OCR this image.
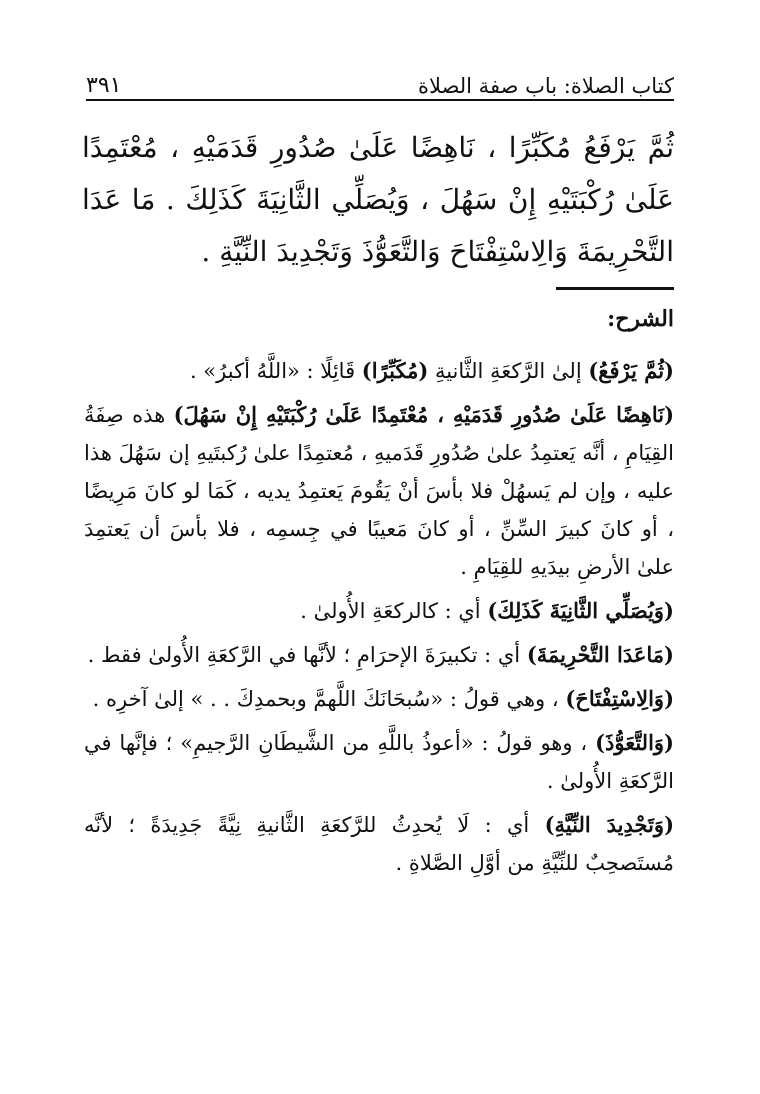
٣٩١	كتاب الصلاة: باب صفة الصلاة
ثُمَّ يَرْفَعُ مُكَبِّرًا ، نَاهِضًا عَلَىٰ صُدُورِ قَدَمَيْهِ ، مُعْتَمِدًا عَلَىٰ رُكْبَتَيْهِ إِنْ سَهُلَ ، وَيُصَلِّي الثَّانِيَةَ كَذَلِكَ . مَا عَدَا التَّحْرِيمَةَ وَالِاسْتِفْتَاحَ وَالتَّعَوُّذَ وَتَجْدِيدَ النِّيَّةِ .
الشرح:

(ثُمَّ يَرْفَعُ) إلىٰ الرَّكعَةِ الثَّانيةِ (مُكَبِّرًا) قَائِلًا : «اللَّهُ أكبرُ» .

(نَاهِضًا عَلَىٰ صُدُورِ قَدَمَيْهِ ، مُعْتَمِدًا عَلَىٰ رُكْبَتَيْهِ إِنْ سَهُلَ) هذه صِفَةُ القِيَامِ ، أنَّه يَعتمِدُ علىٰ صُدُورِ قَدَميهِ ، مُعتمِدًا علىٰ رُكبتَيهِ إن سَهُلَ هذا عليه ، وإن لم يَسهُلْ فلا بأسَ أنْ يَقُومَ يَعتمِدُ يديه ، كَمَا لو كانَ مَرِيضًا ، أو كانَ كبيرَ السِّنِّ ، أو كانَ مَعيبًا في جِسمِه ، فلا بأسَ أن يَعتمِدَ علىٰ الأرضِ بيدَيهِ للقِيَامِ .

(وَيُصَلِّي الثَّانِيَةَ كَذَلِكَ) أي : كالركعَةِ الأُولىٰ .

(مَاعَدَا التَّحْرِيمَةَ) أي : تكبيرَةَ الإحرَامِ ؛ لأنَّها في الرَّكعَةِ الأُولىٰ فقط .

(وَالِاسْتِفْتَاحَ) ، وهي قولُ : «سُبحَانَكَ اللَّهمَّ وبحمدِكَ . . » إلىٰ آخرِه .

(وَالتَّعَوُّذَ) ، وهو قولُ : «أعوذُ باللَّهِ من الشَّيطَانِ الرَّجيمِ» ؛ فإنَّها في الرَّكعَةِ الأُولىٰ .

(وَتَجْدِيدَ النِّيَّةِ) أي : لَا يُحدِثُ للرَّكعَةِ الثَّانيةِ نِيَّةً جَدِيدَةً ؛ لأنَّه مُستَصحِبٌ للنِّيَّةِ من أوَّلِ الصَّلاةِ .
